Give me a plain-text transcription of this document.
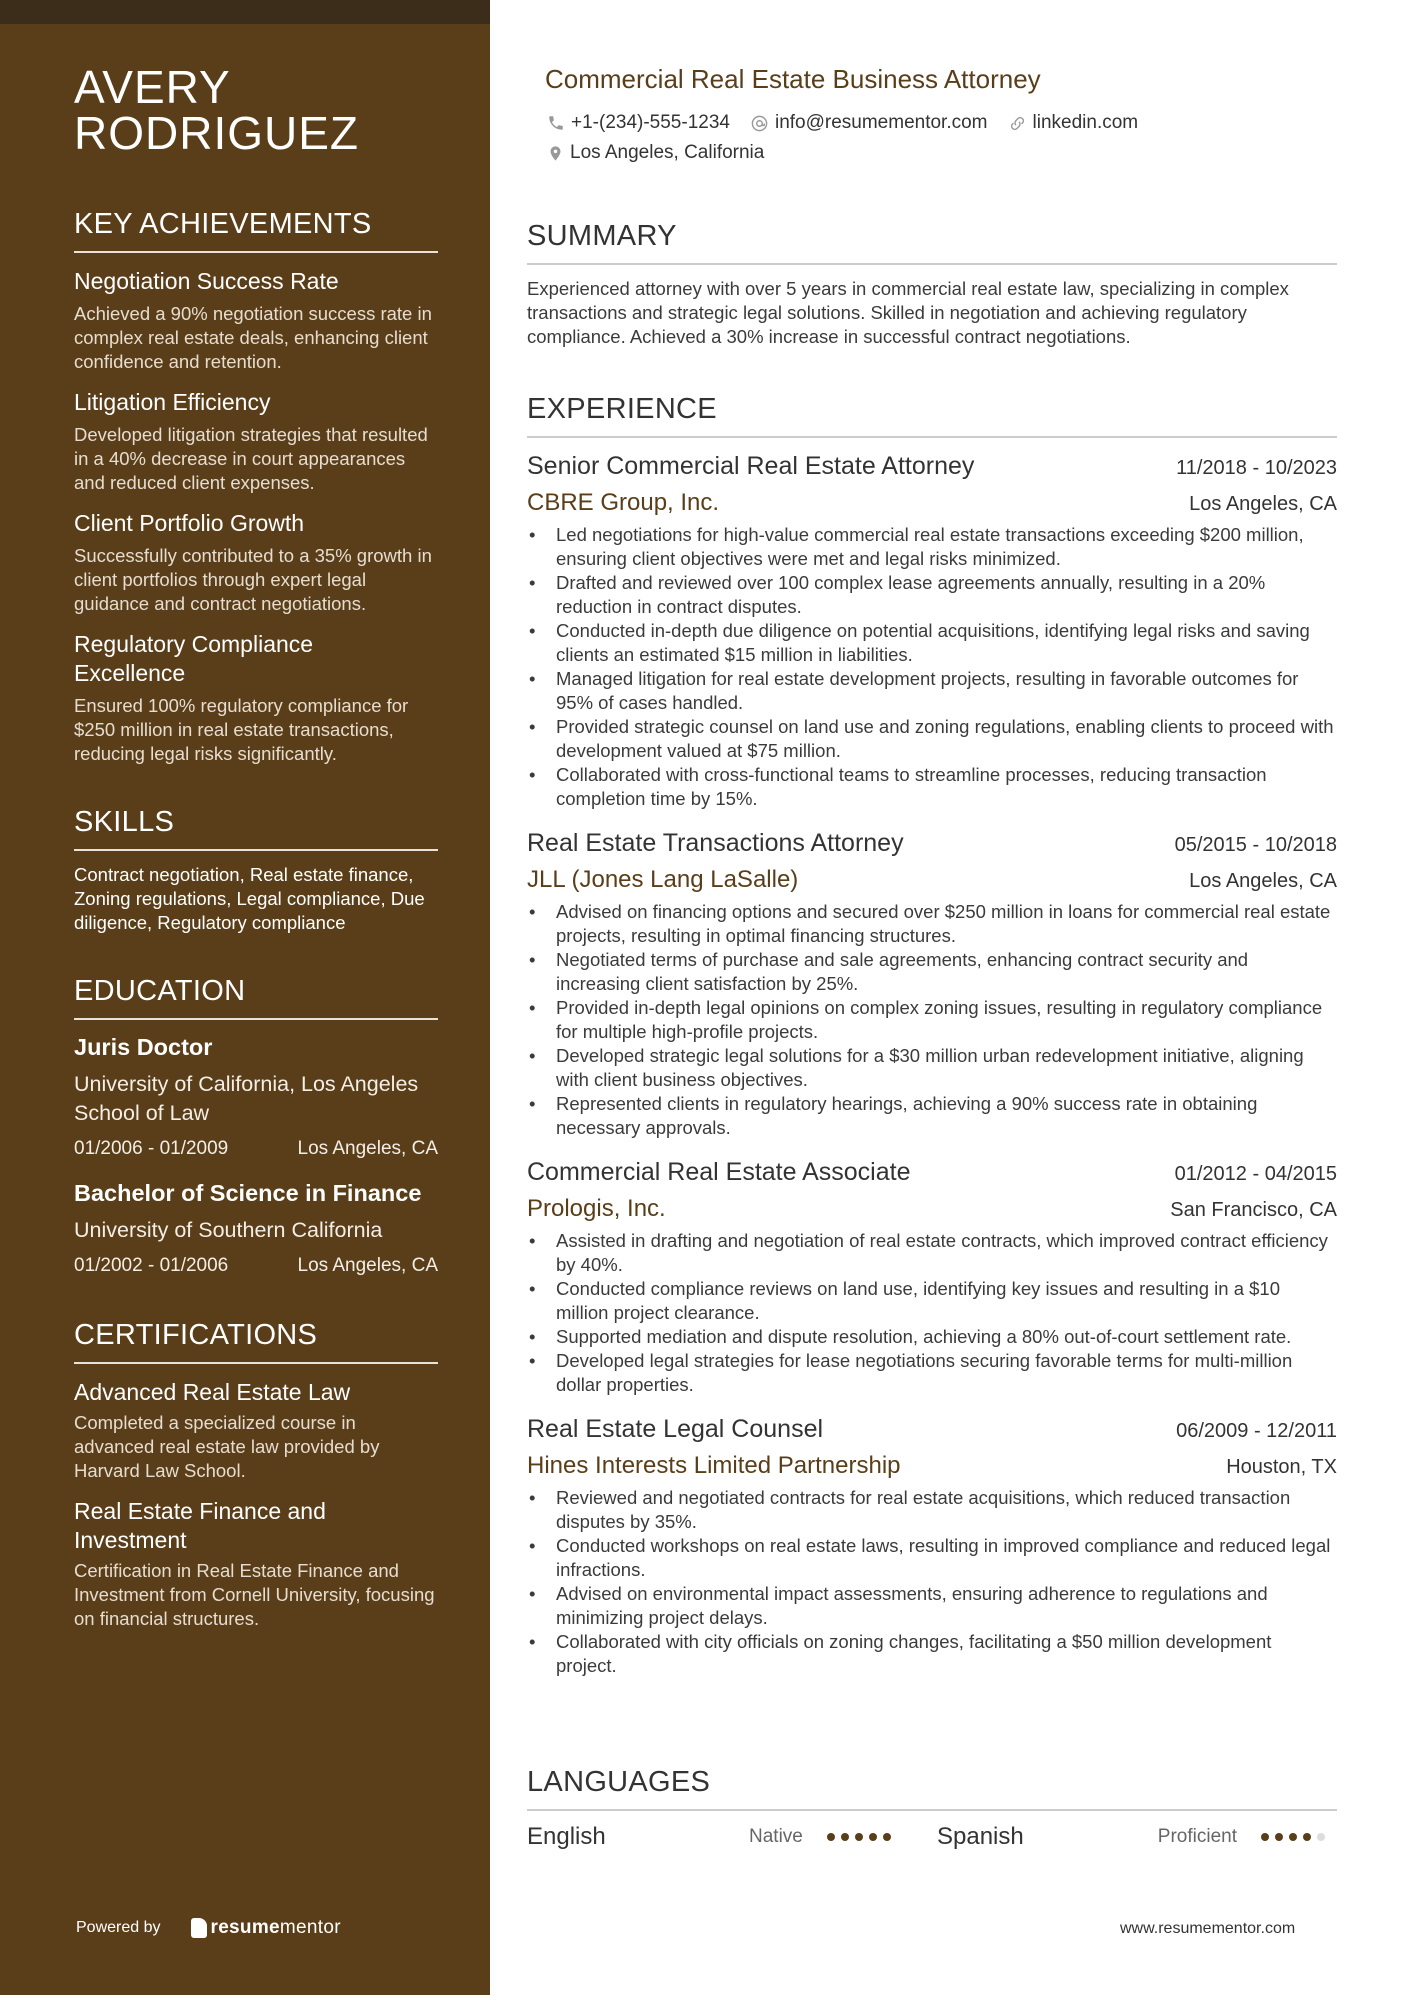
AVERY
RODRIGUEZ
KEY ACHIEVEMENTS
Negotiation Success Rate
Achieved a 90% negotiation success rate in complex real estate deals, enhancing client confidence and retention.
Litigation Efficiency
Developed litigation strategies that resulted in a 40% decrease in court appearances and reduced client expenses.
Client Portfolio Growth
Successfully contributed to a 35% growth in client portfolios through expert legal guidance and contract negotiations.
Regulatory Compliance Excellence
Ensured 100% regulatory compliance for $250 million in real estate transactions, reducing legal risks significantly.
SKILLS
Contract negotiation, Real estate finance, Zoning regulations, Legal compliance, Due diligence, Regulatory compliance
EDUCATION
Juris Doctor
University of California, Los Angeles School of Law
01/2006 - 01/2009	Los Angeles, CA
Bachelor of Science in Finance
University of Southern California
01/2002 - 01/2006	Los Angeles, CA
CERTIFICATIONS
Advanced Real Estate Law
Completed a specialized course in advanced real estate law provided by Harvard Law School.
Real Estate Finance and Investment
Certification in Real Estate Finance and Investment from Cornell University, focusing on financial structures.
Powered by	resume mentor
Commercial Real Estate Business Attorney
+1-(234)-555-1234 info@resumementor.com linkedin.com
Los Angeles, California
SUMMARY
Experienced attorney with over 5 years in commercial real estate law, specializing in complex transactions and strategic legal solutions. Skilled in negotiation and achieving regulatory compliance. Achieved a 30% increase in successful contract negotiations.
EXPERIENCE
Senior Commercial Real Estate Attorney	11/2018 - 10/2023
CBRE Group, Inc.	Los Angeles, CA
• Led negotiations for high-value commercial real estate transactions exceeding $200 million, ensuring client objectives were met and legal risks minimized.
• Drafted and reviewed over 100 complex lease agreements annually, resulting in a 20% reduction in contract disputes.
• Conducted in-depth due diligence on potential acquisitions, identifying legal risks and saving clients an estimated $15 million in liabilities.
• Managed litigation for real estate development projects, resulting in favorable outcomes for 95% of cases handled.
• Provided strategic counsel on land use and zoning regulations, enabling clients to proceed with development valued at $75 million.
• Collaborated with cross-functional teams to streamline processes, reducing transaction completion time by 15%.
Real Estate Transactions Attorney	05/2015 - 10/2018
JLL (Jones Lang LaSalle)	Los Angeles, CA
• Advised on financing options and secured over $250 million in loans for commercial real estate projects, resulting in optimal financing structures.
• Negotiated terms of purchase and sale agreements, enhancing contract security and increasing client satisfaction by 25%.
• Provided in-depth legal opinions on complex zoning issues, resulting in regulatory compliance for multiple high-profile projects.
• Developed strategic legal solutions for a $30 million urban redevelopment initiative, aligning with client business objectives.
• Represented clients in regulatory hearings, achieving a 90% success rate in obtaining necessary approvals.
Commercial Real Estate Associate	01/2012 - 04/2015
Prologis, Inc.	San Francisco, CA
• Assisted in drafting and negotiation of real estate contracts, which improved contract efficiency by 40%.
• Conducted compliance reviews on land use, identifying key issues and resulting in a $10 million project clearance.
• Supported mediation and dispute resolution, achieving a 80% out-of-court settlement rate.
• Developed legal strategies for lease negotiations securing favorable terms for multi-million dollar properties.
Real Estate Legal Counsel	06/2009 - 12/2011
Hines Interests Limited Partnership	Houston, TX
• Reviewed and negotiated contracts for real estate acquisitions, which reduced transaction disputes by 35%.
• Conducted workshops on real estate laws, resulting in improved compliance and reduced legal infractions.
• Advised on environmental impact assessments, ensuring adherence to regulations and minimizing project delays.
• Collaborated with city officials on zoning changes, facilitating a $50 million development project.
LANGUAGES
English	Native	Spanish	Proficient
www.resumementor.com
